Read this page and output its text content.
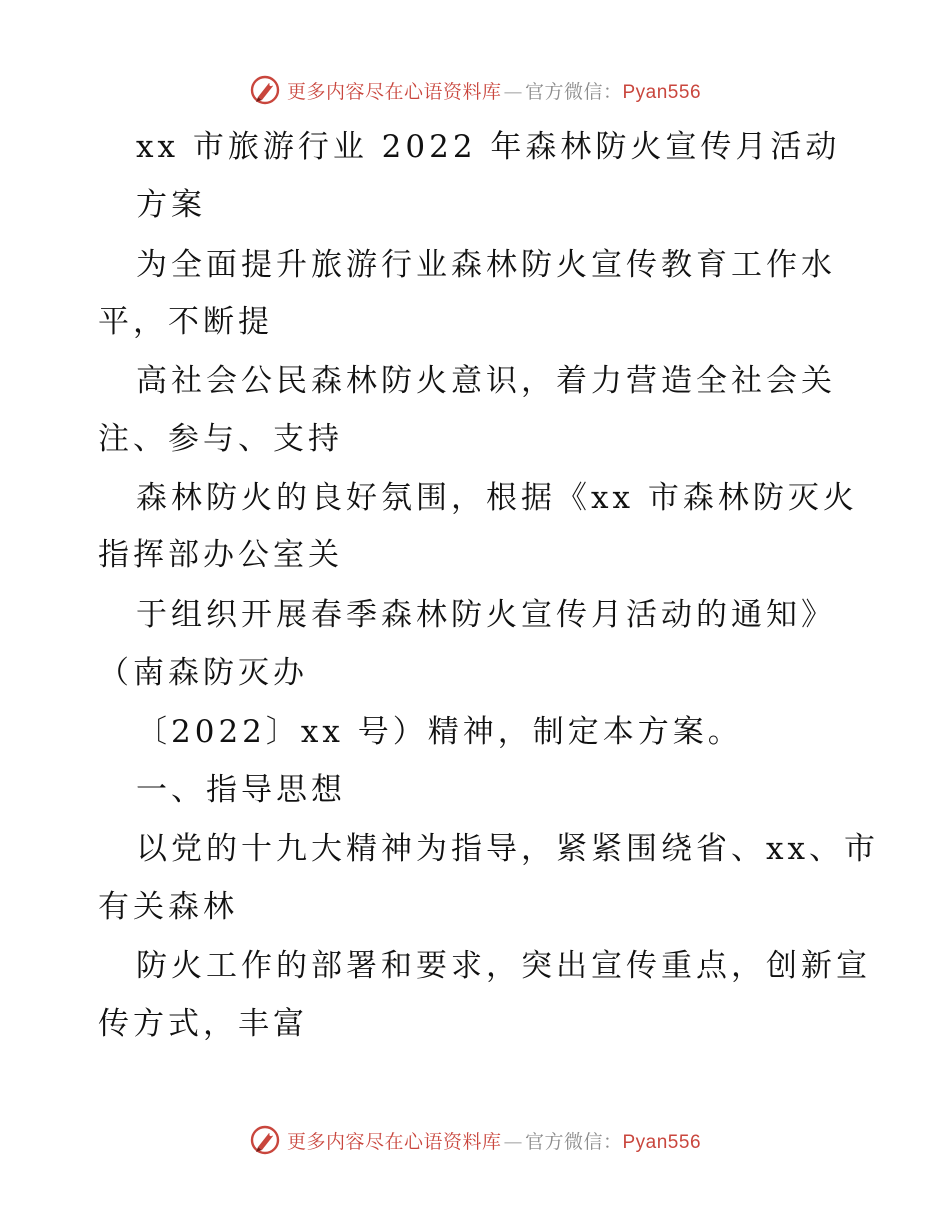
更多内容尽在心语资料库 — 官方微信：Pyan556
xx 市旅游行业 2022 年森林防火宣传月活动
方案
为全面提升旅游行业森林防火宣传教育工作水
平，不断提
高社会公民森林防火意识，着力营造全社会关
注、参与、支持
森林防火的良好氛围，根据《xx 市森林防灭火
指挥部办公室关
于组织开展春季森林防火宣传月活动的通知》
（南森防灭办
〔2022〕xx 号）精神，制定本方案。
一、指导思想
以党的十九大精神为指导，紧紧围绕省、xx、市
有关森林
防火工作的部署和要求，突出宣传重点，创新宣
传方式，丰富
更多内容尽在心语资料库 — 官方微信：Pyan556
